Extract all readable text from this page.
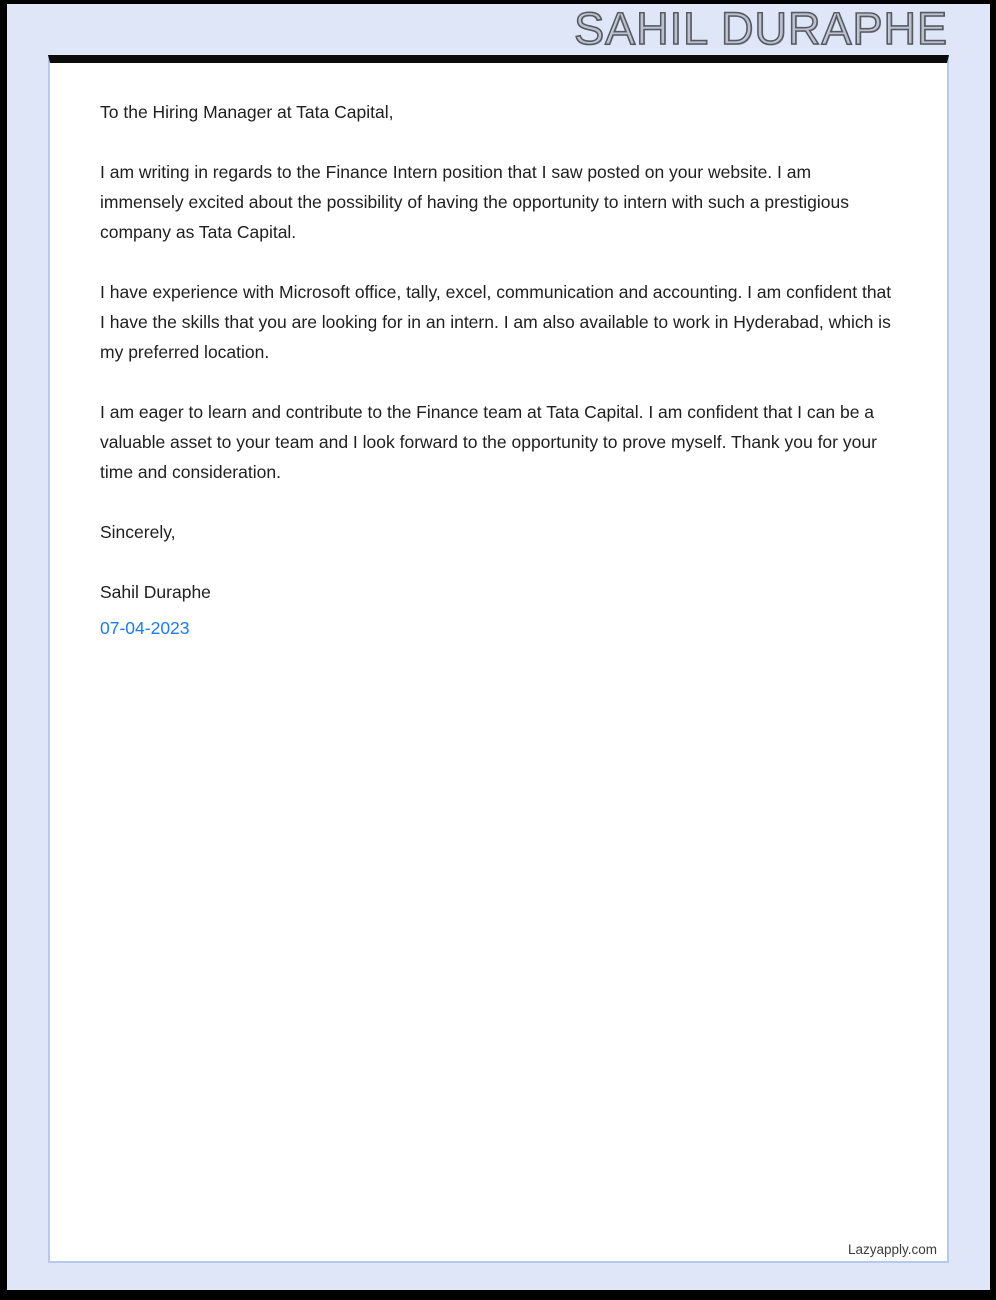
SAHIL DURAPHE

To the Hiring Manager at Tata Capital,

I am writing in regards to the Finance Intern position that I saw posted on your website. I am immensely excited about the possibility of having the opportunity to intern with such a prestigious company as Tata Capital.

I have experience with Microsoft office, tally, excel, communication and accounting. I am confident that I have the skills that you are looking for in an intern. I am also available to work in Hyderabad, which is my preferred location.

I am eager to learn and contribute to the Finance team at Tata Capital. I am confident that I can be a valuable asset to your team and I look forward to the opportunity to prove myself. Thank you for your time and consideration.

Sincerely,

Sahil Duraphe

07-04-2023

Lazyapply.com
